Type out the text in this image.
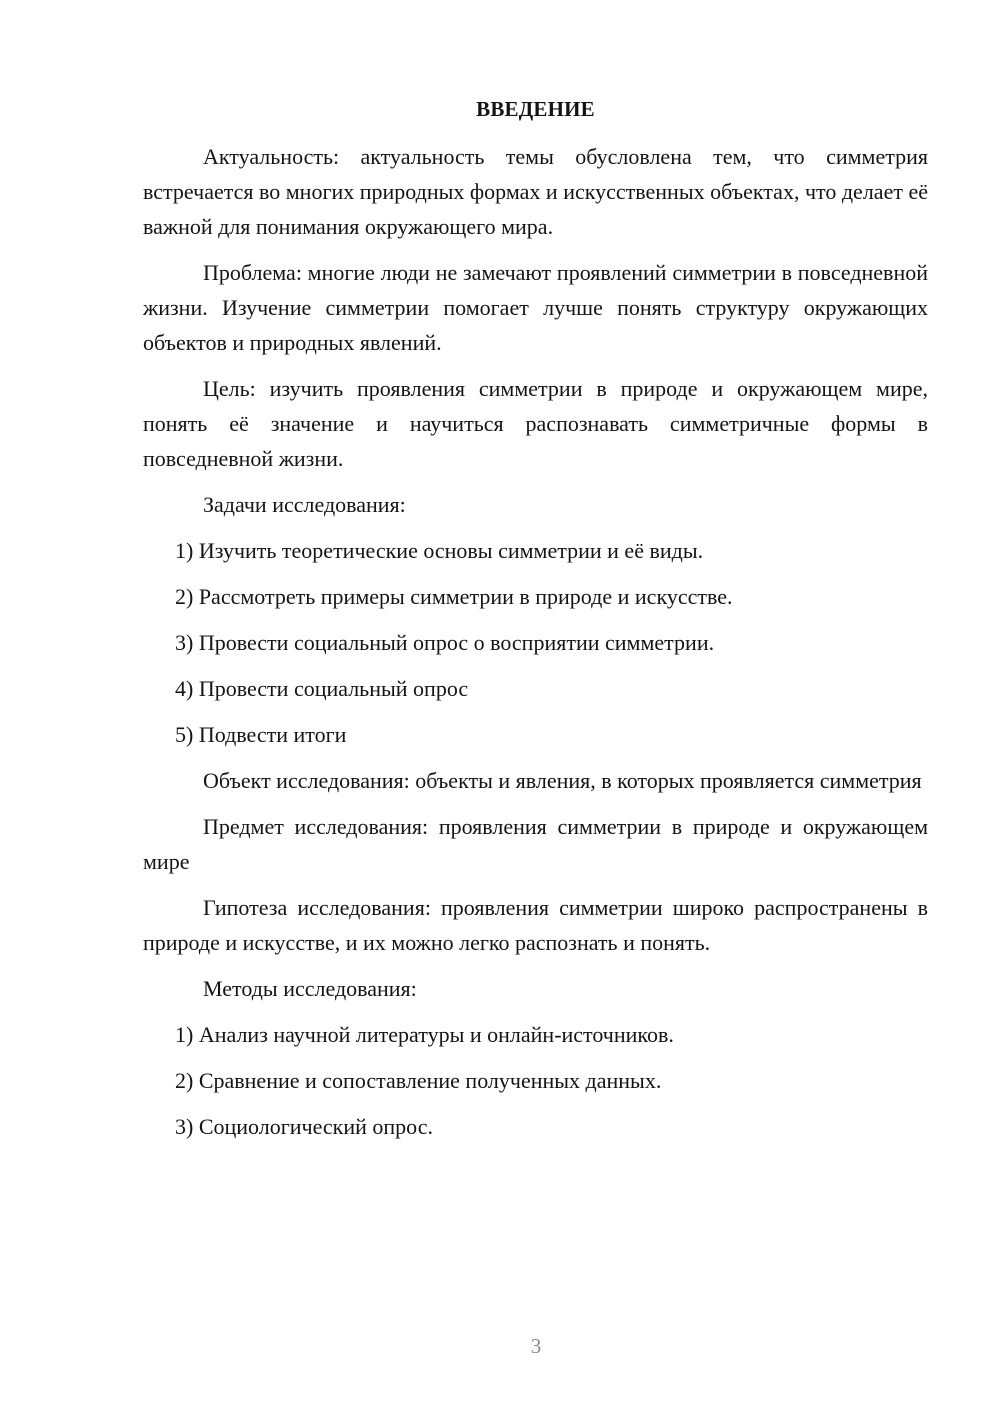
ВВЕДЕНИЕ

Актуальность: актуальность темы обусловлена тем, что симметрия встречается во многих природных формах и искусственных объектах, что делает её важной для понимания окружающего мира.

Проблема: многие люди не замечают проявлений симметрии в повседневной жизни. Изучение симметрии помогает лучше понять структуру окружающих объектов и природных явлений.

Цель: изучить проявления симметрии в природе и окружающем мире, понять её значение и научиться распознавать симметричные формы в повседневной жизни.

Задачи исследования:

1) Изучить теоретические основы симметрии и её виды.
2) Рассмотреть примеры симметрии в природе и искусстве.
3) Провести социальный опрос о восприятии симметрии.
4) Провести социальный опрос
5) Подвести итоги

Объект исследования: объекты и явления, в которых проявляется симметрия

Предмет исследования: проявления симметрии в природе и окружающем мире

Гипотеза исследования: проявления симметрии широко распространены в природе и искусстве, и их можно легко распознать и понять.

Методы исследования:

1) Анализ научной литературы и онлайн-источников.
2) Сравнение и сопоставление полученных данных.
3) Социологический опрос.
3
